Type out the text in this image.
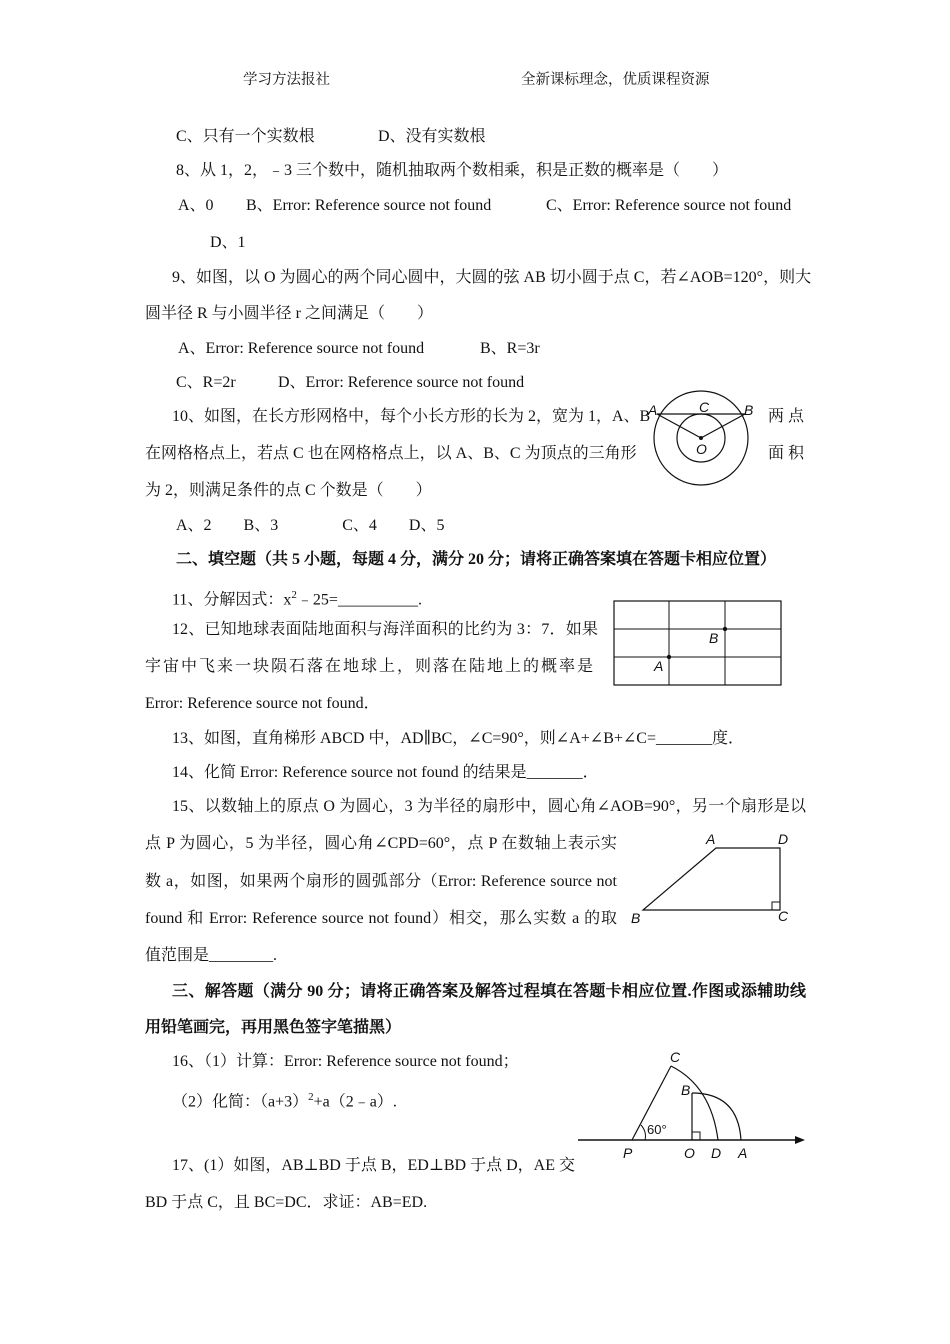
学习方法报社	全新课标理念，优质课程资源
C、只有一个实数根	D、没有实数根
8、从 1，2，﹣3 三个数中，随机抽取两个数相乘，积是正数的概率是（　　）
A、0 B、Error: Reference source not found	C、Error: Reference source not found
D、1
9、如图，以 O 为圆心的两个同心圆中，大圆的弦 AB 切小圆于点 C，若∠AOB=120°，则大
圆半径 R 与小圆半径 r 之间满足（　　）
A、Error: Reference source not found	B、R=3r
C、R=2r	D、Error: Reference source not found
10、如图，在长方形网格中，每个小长方形的长为 2，宽为 1，A、B	两 点
在网格格点上，若点 C 也在网格格点上，以 A、B、C 为顶点的三角形	面 积
为 2，则满足条件的点 C 个数是（　　）
A、2　　B、3　　　　C、4　　D、5
A	C B
O
二、填空题（共 5 小题，每题 4 分，满分 20 分；请将正确答案填在答题卡相应位置）
11、分解因式：$x^2﹣25=\_\_\_\_\_\_\_\_\_\_$.
B
A
12、已知地球表面陆地面积与海洋面积的比约为 3：7．如果
宇宙中飞来一块陨石落在地球上，则落在陆地上的概率是
Error: Reference source not found．
13、如图，直角梯形 ABCD 中，AD∥BC，∠C=90°，则∠A+∠B+∠C=_______度．
14、化简 Error: Reference source not found 的结果是_______．
15、以数轴上的原点 O 为圆心，3 为半径的扇形中，圆心角∠AOB=90°，另一个扇形是以
点 P 为圆心，5 为半径，圆心角∠CPD=60°，点 P 在数轴上表示实
数 a，如图，如果两个扇形的圆弧部分（Error: Reference source not
found 和 Error: Reference source not found）相交，那么实数 a 的取
值范围是________.
A	D
B	C
三、解答题（满分 90 分；请将正确答案及解答过程填在答题卡相应位置.作图或添辅助线
用铅笔画完，再用黑色签字笔描黑）
16、（1）计算：Error: Reference source not found；
（2）化简：$(a+3)^2+a(2﹣a)$.
C
B
60°
P	O D A
17、(1）如图，AB⊥BD 于点 B，ED⊥BD 于点 D，AE 交
BD 于点 C，且 BC=DC．求证：AB=ED.
